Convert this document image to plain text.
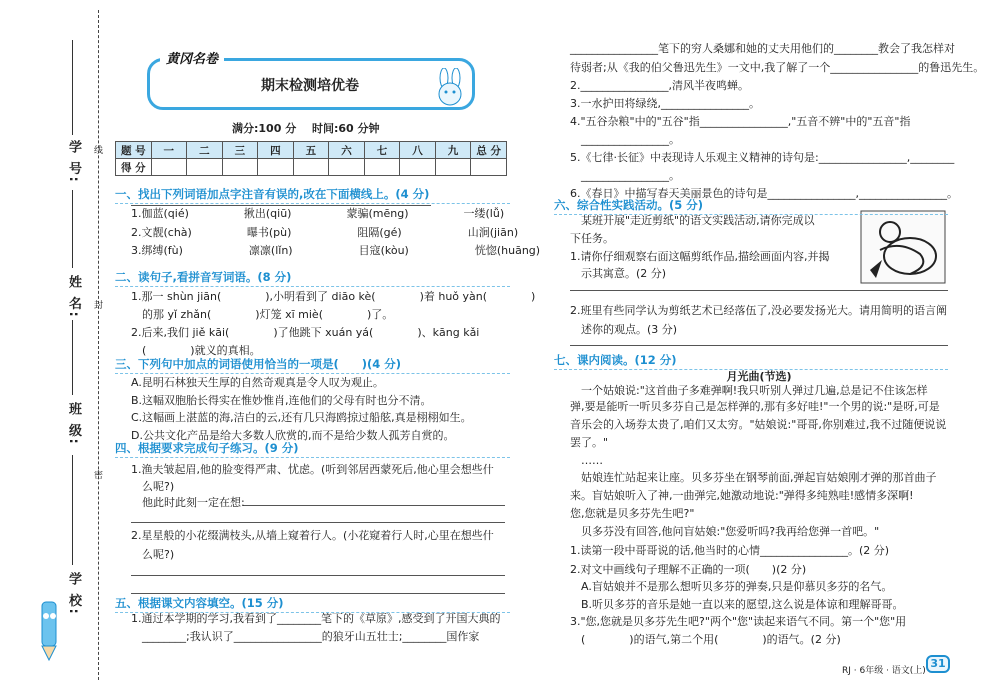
学 校:
班 级:
姓 名:
学 号:
密
封
线
黄冈名卷
期末检测培优卷
满分:100 分 时间:60 分钟
题 号	一	二	三	四	五	六	七	八	九	总 分
得 分										
RJ · 6年级 · 语文(上)
31
一、找出下列词语加点字注音有误的,改在下面横线上。(4 分)
1.伽蓝(qié)　　　　　揪出(qiū)　　　　　蒙骗(mēng)　　　　　一缕(lǚ)
2.文靓(chà)　　　　　曝书(pù)　　　　　　阻隔(gé)　　　　　　山涧(jiān)
3.绑缚(fù)　　　　　　凛凛(lǐn)　　　　　　目寇(kòu)　　　　　　恍惚(huāng)
二、读句子,看拼音写词语。(8 分)
1.那一 shùn jiān(　　　　),小明看到了 diāo kè(　　　　)着 huǒ yàn(　　　　)
　的那 yǐ zhǎn(　　　　)灯笼 xī miè(　　　　)了。
2.后来,我们 jiě kāi(　　　　)了他跳下 xuán yá(　　　　)、kāng kǎi
　(　　　　)就义的真相。
三、下列句中加点的词语使用恰当的一项是(　　)(4 分)
A.昆明石林独天生厚的自然奇观真是令人叹为观止。
B.这幅双胞胎长得实在惟妙惟肖,连他们的父母有时也分不清。
C.这幅画上湛蓝的海,洁白的云,还有几只海鸥掠过船舷,真是栩栩如生。
D.公共文化产品是给大多数人欣赏的,而不是给少数人孤芳自赏的。
四、根据要求完成句子练习。(9 分)
1.渔夫皱起眉,他的脸变得严肃、忧虑。(听到邻居西蒙死后,他心里会想些什
　么呢?)
　他此时此刻一定在想:
2.星星般的小花缀满枝头,从墙上窥着行人。(小花窥着行人时,心里在想些什
　么呢?)
五、根据课文内容填空。(15 分)
1.通过本学期的学习,我看到了________笔下的《草原》,感受到了开国大典的
　________;我认识了________________的狼牙山五壮士;________国作家
________________笔下的穷人桑娜和她的丈夫用他们的________教会了我怎样对
待弱者;从《我的伯父鲁迅先生》一文中,我了解了一个________________的鲁迅先生。
2.________________,清风半夜鸣蝉。
3.一水护田将绿绕,________________。
4."五谷杂粮"中的"五谷"指________________,"五音不辨"中的"五音"指
　________________。
5.《七律·长征》中表现诗人乐观主义精神的诗句是:________________,________
　________________。
6.《春日》中描写春天美丽景色的诗句是________________,________________。
六、综合性实践活动。(5 分)
　某班开展"走近剪纸"的语文实践活动,请你完成以
下任务。
1.请你仔细观察右面这幅剪纸作品,描绘画面内容,并揭
　示其寓意。(2 分)
2.班里有些同学认为剪纸艺术已经落伍了,没必要发扬光大。请用简明的语言阐
　述你的观点。(3 分)
七、课内阅读。(12 分)
月光曲(节选)
　一个姑娘说:"这首曲子多难弹啊!我只听别人弹过几遍,总是记不住该怎样
弹,要是能听一听贝多芬自己是怎样弹的,那有多好哇!"一个男的说:"是呀,可是
音乐会的入场券太贵了,咱们又太穷。"姑娘说:"哥哥,你别难过,我不过随便说说
罢了。"
　……
　姑娘连忙站起来让座。贝多芬坐在钢琴前面,弹起盲姑娘刚才弹的那首曲子
来。盲姑娘听入了神,一曲弹完,她激动地说:"弹得多纯熟哇!感情多深啊!
您,您就是贝多芬先生吧?"
　贝多芬没有回答,他问盲姑娘:"您爱听吗?我再给您弹一首吧。"
1.读第一段中哥哥说的话,他当时的心情________________。(2 分)
2.对文中画线句子理解不正确的一项(　　)(2 分)
　A.盲姑娘并不是那么想听贝多芬的弹奏,只是仰慕贝多芬的名气。
　B.听贝多芬的音乐是她一直以来的愿望,这么说是体谅和理解哥哥。
3."您,您就是贝多芬先生吧?"两个"您"读起来语气不同。第一个"您"用
　(　　　　)的语气,第二个用(　　　　)的语气。(2 分)
